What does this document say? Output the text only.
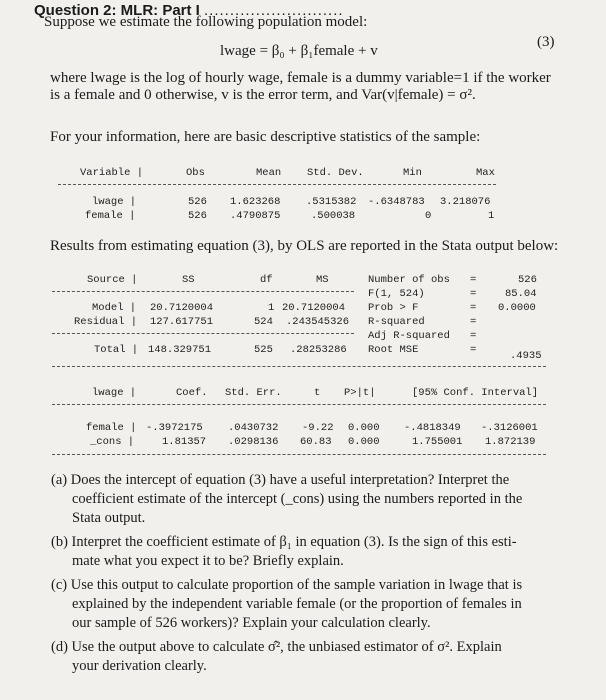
Question 2: MLR: Part I ...........................
Suppose we estimate the following population model:
lwage = β₀ + β₁female + v
(3)
where lwage is the log of hourly wage, female is a dummy variable=1 if the worker
is a female and 0 otherwise, v is the error term, and Var(v|female) = σ².
For your information, here are basic descriptive statistics of the sample:
Variable |	Obs	Mean Std. Dev.	Min	Max
lwage |	526 1.623268 .5315382 -.6348783 3.218076
female |	526 .4790875	.500038	0	1
Results from estimating equation (3), by OLS are reported in the Stata output below:
Source |	SS	df	MS
Model | 20.7120004	1 20.7120004
Residual | 127.617751	524 .243545326
Total | 148.329751	525 .28253286
Number of obs =	526
F(1, 524)	=	85.04
Prob > F	= 0.0000
R-squared	=
Adj R-squared =
Root MSE	=	.4935
lwage |	Coef. Std. Err.	t P>|t|	[95% Conf. Interval]
female | -.3972175 .0430732 -9.22 0.000 -.4818349 -.3126001
_cons |	1.81357 .0298136 60.83 0.000	1.755001 1.872139
(a) Does the intercept of equation (3) have a useful interpretation? Interpret the
coefficient estimate of the intercept (_cons) using the numbers reported in the
Stata output.
(b) Interpret the coefficient estimate of β₁ in equation (3). Is the sign of this esti-
mate what you expect it to be? Briefly explain.
(c) Use this output to calculate proportion of the sample variation in lwage that is
explained by the independent variable female (or the proportion of females in
our sample of 526 workers)? Explain your calculation clearly.
(d) Use the output above to calculate σ̂², the unbiased estimator of σ². Explain
your derivation clearly.
